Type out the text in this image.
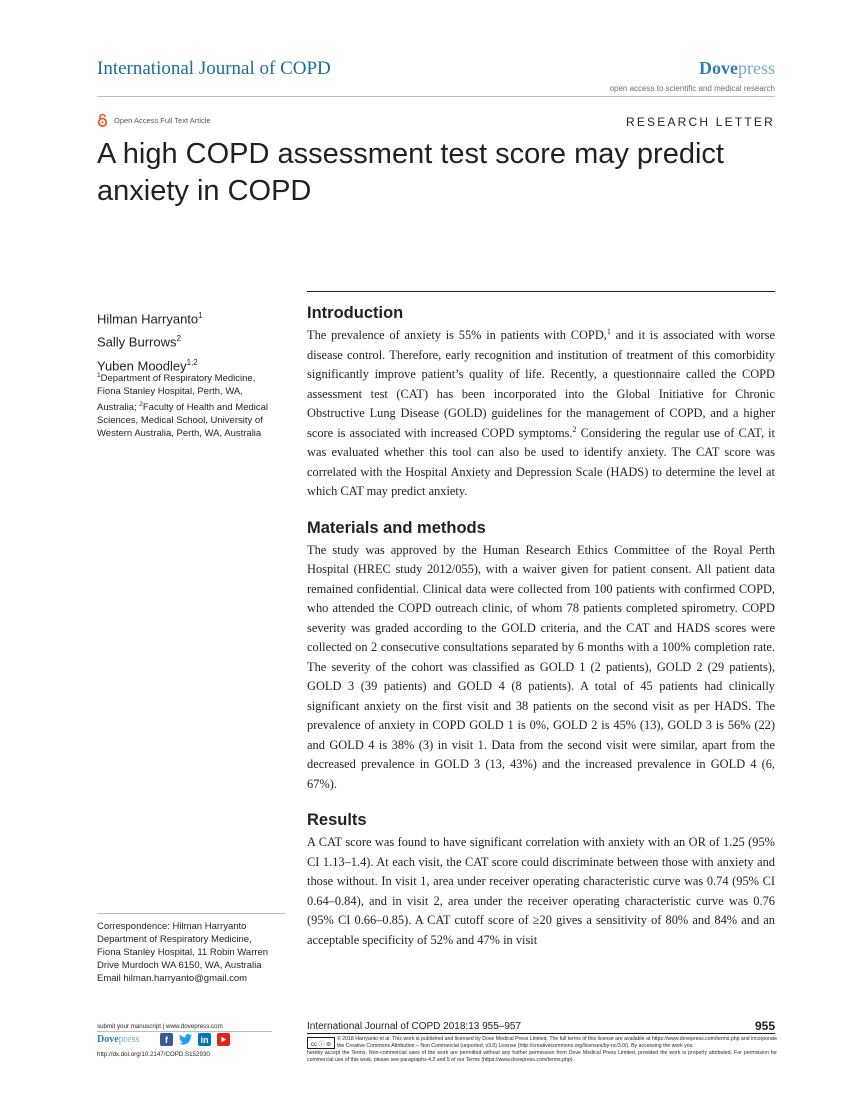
International Journal of COPD	Dovepress
open access to scientific and medical research
Open Access Full Text Article	RESEARCH LETTER
A high COPD assessment test score may predict anxiety in COPD
Hilman Harryanto$^1$
Sally Burrows$^2$
Yuben Moodley$^{1,2}$
$^1$Department of Respiratory Medicine, Fiona Stanley Hospital, Perth, WA, Australia; $^2$Faculty of Health and Medical Sciences, Medical School, University of Western Australia, Perth, WA, Australia
Correspondence: Hilman Harryanto
Department of Respiratory Medicine,
Fiona Stanley Hospital, 11 Robin Warren
Drive Murdoch WA 6150, WA, Australia
Email hilman.harryanto@gmail.com
Introduction

The prevalence of anxiety is 55% in patients with COPD,$^1$ and it is associated with worse disease control. Therefore, early recognition and institution of treatment of this comorbidity significantly improve patient’s quality of life. Recently, a questionnaire called the COPD assessment test (CAT) has been incorporated into the Global Initiative for Chronic Obstructive Lung Disease (GOLD) guidelines for the management of COPD, and a higher score is associated with increased COPD symptoms.$^2$ Considering the regular use of CAT, it was evaluated whether this tool can also be used to identify anxiety. The CAT score was correlated with the Hospital Anxiety and Depression Scale (HADS) to determine the level at which CAT may predict anxiety.

Materials and methods

The study was approved by the Human Research Ethics Committee of the Royal Perth Hospital (HREC study 2012/055), with a waiver given for patient consent. All patient data remained confidential. Clinical data were collected from 100 patients with confirmed COPD, who attended the COPD outreach clinic, of whom 78 patients completed spirometry. COPD severity was graded according to the GOLD criteria, and the CAT and HADS scores were collected on 2 consecutive consultations separated by 6 months with a 100% completion rate. The severity of the cohort was classified as GOLD 1 (2 patients), GOLD 2 (29 patients), GOLD 3 (39 patients) and GOLD 4 (8 patients). A total of 45 patients had clinically significant anxiety on the first visit and 38 patients on the second visit as per HADS. The prevalence of anxiety in COPD GOLD 1 is 0%, GOLD 2 is 45% (13), GOLD 3 is 56% (22) and GOLD 4 is 38% (3) in visit 1. Data from the second visit were similar, apart from the decreased prevalence in GOLD 3 (13, 43%) and the increased prevalence in GOLD 4 (6, 67%).

Results

A CAT score was found to have significant correlation with anxiety with an OR of 1.25 (95% CI 1.13–1.4). At each visit, the CAT score could discriminate between those with anxiety and those without. In visit 1, area under receiver operating characteristic curve was 0.74 (95% CI 0.64–0.84), and in visit 2, area under the receiver operating characteristic curve was 0.76 (95% CI 0.66–0.85). A CAT cutoff score of ≥20 gives a sensitivity of 80% and 84% and an acceptable specificity of 52% and 47% in visit

submit your manuscript | www.dovepress.com
Dovepress	f	in
http://dx.doi.org/10.2147/COPD.S152930
International Journal of COPD 2018:13 955–957	955
cc ⓘ ⊜
© 2018 Harryanto et al. This work is published and licensed by Dove Medical Press Limited. The full terms of this license are available at https://www.dovepress.com/terms.php and incorporate the Creative Commons Attribution – Non Commercial (unported, v3.0) License (http://creativecommons.org/licenses/by-nc/3.0/). By accessing the work you
hereby accept the Terms. Non-commercial uses of the work are permitted without any further permission from Dove Medical Press Limited, provided the work is properly attributed. For permission for commercial use of this work, please see paragraphs 4.2 and 5 of our Terms (https://www.dovepress.com/terms.php).
